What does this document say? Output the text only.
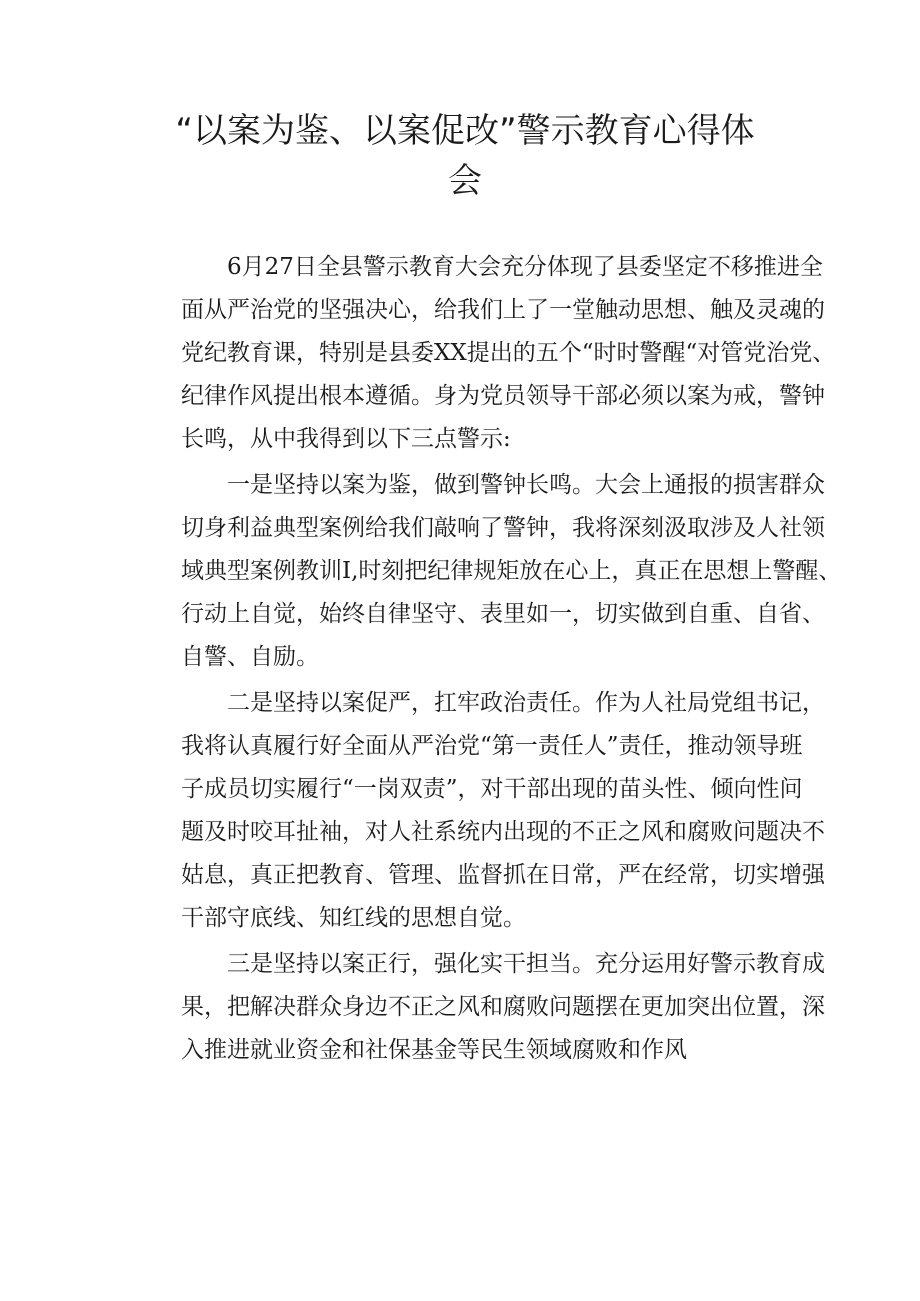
“以案为鉴、以案促改”警示教育心得体
会
6月27日全县警示教育大会充分体现了县委坚定不移推进全
面从严治党的坚强决心，给我们上了一堂触动思想、触及灵魂的
党纪教育课，特别是县委XX提出的五个“时时警醒“对管党治党、
纪律作风提出根本遵循。身为党员领导干部必须以案为戒，警钟
长鸣，从中我得到以下三点警示:
一是坚持以案为鉴，做到警钟长鸣。大会上通报的损害群众
切身利益典型案例给我们敲响了警钟，我将深刻汲取涉及人社领
域典型案例教训I,时刻把纪律规矩放在心上，真正在思想上警醒、
行动上自觉，始终自律坚守、表里如一，切实做到自重、自省、
自警、自励。
二是坚持以案促严，扛牢政治责任。作为人社局党组书记，
我将认真履行好全面从严治党“第一责任人”责任，推动领导班
子成员切实履行“一岗双责”，对干部出现的苗头性、倾向性问
题及时咬耳扯袖，对人社系统内出现的不正之风和腐败问题决不
姑息，真正把教育、管理、监督抓在日常，严在经常，切实增强
干部守底线、知红线的思想自觉。
三是坚持以案正行，强化实干担当。充分运用好警示教育成
果，把解决群众身边不正之风和腐败问题摆在更加突出位置，深
入推进就业资金和社保基金等民生领域腐败和作风
